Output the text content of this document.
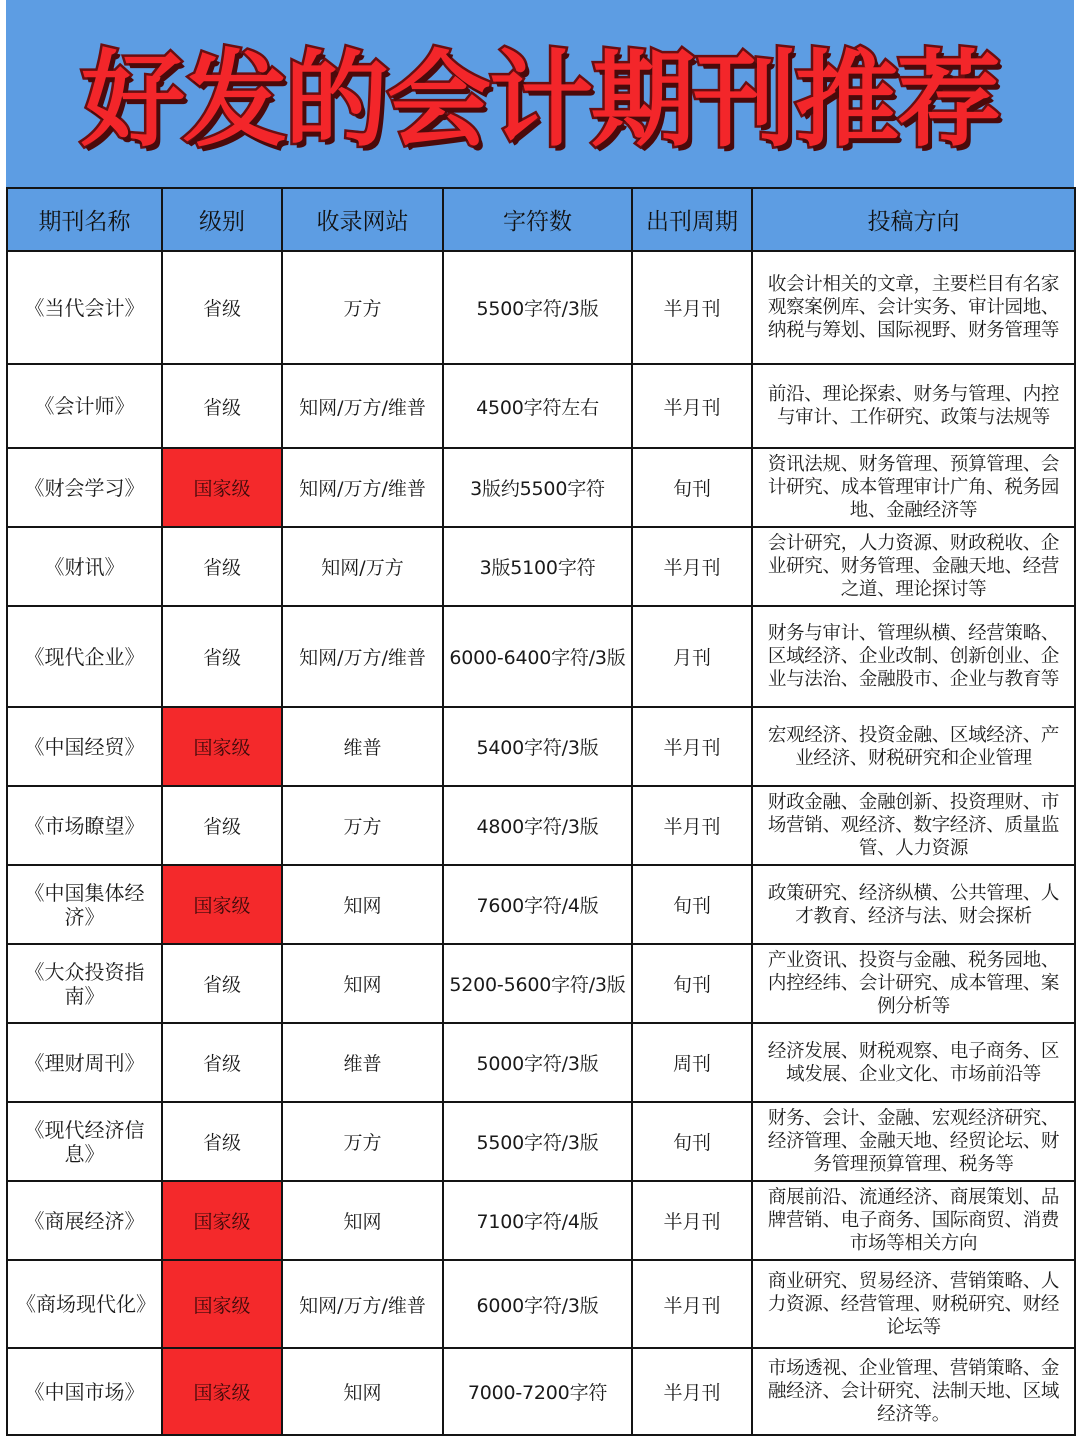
好发的会计期刊推荐
期刊名称	级别	收录网站	字符数	出刊周期	投稿方向
《当代会计》	省级	万方	5500字符/3版	半月刊	收会计相关的文章，主要栏目有名家观察案例库、会计实务、审计园地、纳税与筹划、国际视野、财务管理等
《会计师》	省级	知网/万方/维普	4500字符左右	半月刊	前沿、理论探索、财务与管理、内控与审计、工作研究、政策与法规等
《财会学习》	国家级	知网/万方/维普	3版约5500字符	旬刊	资讯法规、财务管理、预算管理、会计研究、成本管理审计广角、税务园地、金融经济等
《财讯》	省级	知网/万方	3版5100字符	半月刊	会计研究，人力资源、财政税收、企业研究、财务管理、金融天地、经营之道、理论探讨等
《现代企业》	省级	知网/万方/维普	6000-6400字符/3版	月刊	财务与审计、管理纵横、经营策略、区域经济、企业改制、创新创业、企业与法治、金融股市、企业与教育等
《中国经贸》	国家级	维普	5400字符/3版	半月刊	宏观经济、投资金融、区域经济、产业经济、财税研究和企业管理
《市场瞭望》	省级	万方	4800字符/3版	半月刊	财政金融、金融创新、投资理财、市场营销、观经济、数字经济、质量监管、人力资源
《中国集体经济》	国家级	知网	7600字符/4版	旬刊	政策研究、经济纵横、公共管理、人才教育、经济与法、财会探析
《大众投资指南》	省级	知网	5200-5600字符/3版	旬刊	产业资讯、投资与金融、税务园地、内控经纬、会计研究、成本管理、案例分析等
《理财周刊》	省级	维普	5000字符/3版	周刊	经济发展、财税观察、电子商务、区域发展、企业文化、市场前沿等
《现代经济信息》	省级	万方	5500字符/3版	旬刊	财务、会计、金融、宏观经济研究、经济管理、金融天地、经贸论坛、财务管理预算管理、税务等
《商展经济》	国家级	知网	7100字符/4版	半月刊	商展前沿、流通经济、商展策划、品牌营销、电子商务、国际商贸、消费市场等相关方向
《商场现代化》	国家级	知网/万方/维普	6000字符/3版	半月刊	商业研究、贸易经济、营销策略、人力资源、经营管理、财税研究、财经论坛等
《中国市场》	国家级	知网	7000-7200字符	半月刊	市场透视、企业管理、营销策略、金融经济、会计研究、法制天地、区域经济等。
